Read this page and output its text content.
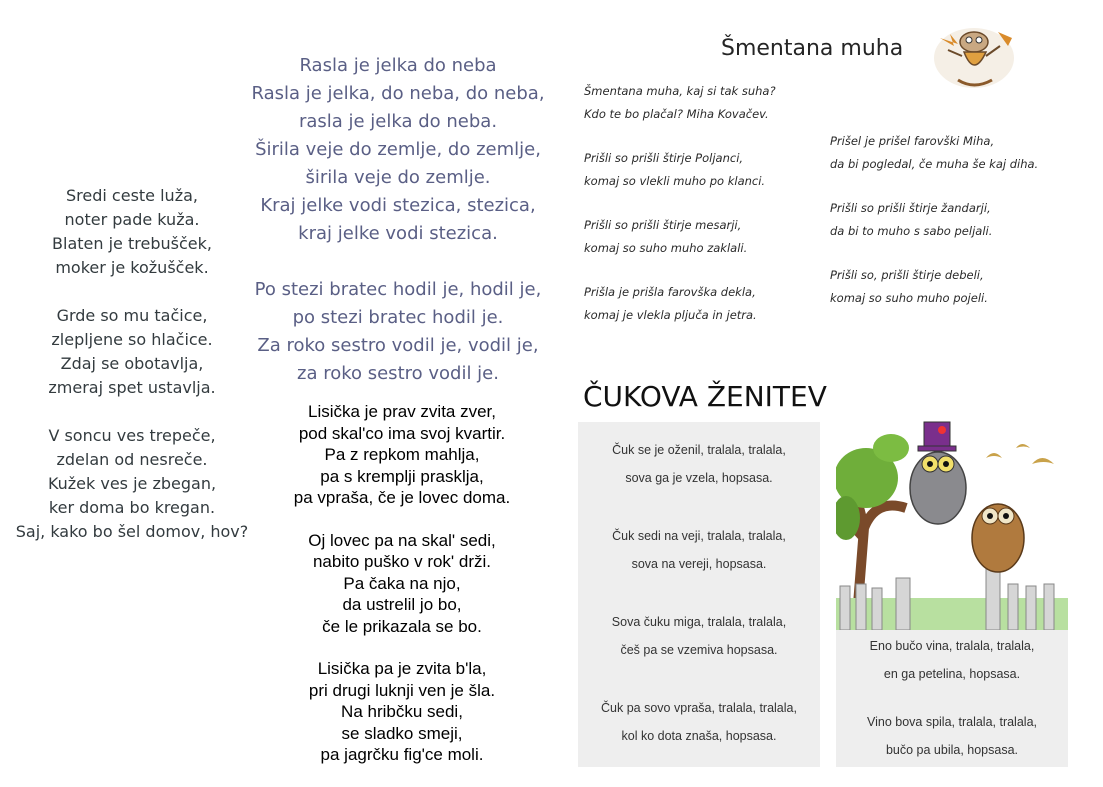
Sredi ceste luža,
noter pade kuža.
Blaten je trebušček,
moker je kožušček.
Grde so mu tačice,
zlepljene so hlačice.
Zdaj se obotavlja,
zmeraj spet ustavlja.
V soncu ves trepeče,
zdelan od nesreče.
Kužek ves je zbegan,
ker doma bo kregan.
Saj, kako bo šel domov, hov?
Rasla je jelka do neba
Rasla je jelka, do neba, do neba,
rasla je jelka do neba.
Širila veje do zemlje, do zemlje,
širila veje do zemlje.
Kraj jelke vodi stezica, stezica,
kraj jelke vodi stezica.
Po stezi bratec hodil je, hodil je,
po stezi bratec hodil je.
Za roko sestro vodil je, vodil je,
za roko sestro vodil je.
Lisička je prav zvita zver,
pod skal'co ima svoj kvartir.
Pa z repkom mahlja,
pa s kremplji prasklja,
pa vpraša, če je lovec doma.
Oj lovec pa na skal' sedi,
nabito puško v rok' drži.
Pa čaka na njo,
da ustrelil jo bo,
če le prikazala se bo.
Lisička pa je zvita b'la,
pri drugi luknji ven je šla.
Na hribčku sedi,
se sladko smeji,
pa jagrčku fig'ce moli.
Šmentana muha
Šmentana muha, kaj si tak suha?
Kdo te bo plačal? Miha Kovačev.
Prišli so prišli štirje Poljanci,
komaj so vlekli muho po klanci.
Prišli so prišli štirje mesarji,
komaj so suho muho zaklali.
Prišla je prišla farovška dekla,
komaj je vlekla pljuča in jetra.
Prišel je prišel farovški Miha,
da bi pogledal, če muha še kaj diha.
Prišli so prišli štirje žandarji,
da bi to muho s sabo peljali.
Prišli so, prišli štirje debeli,
komaj so suho muho pojeli.
ČUKOVA ŽENITEV
Čuk se je oženil, tralala, tralala,
sova ga je vzela, hopsasa.
Čuk sedi na veji, tralala, tralala,
sova na vereji, hopsasa.
Sova čuku miga, tralala, tralala,
češ pa se vzemiva hopsasa.
Čuk pa sovo vpraša, tralala, tralala,
kol ko dota znaša, hopsasa.
Eno bučo vina, tralala, tralala,
en ga petelina, hopsasa.
Vino bova spila, tralala, tralala,
bučo pa ubila, hopsasa.
